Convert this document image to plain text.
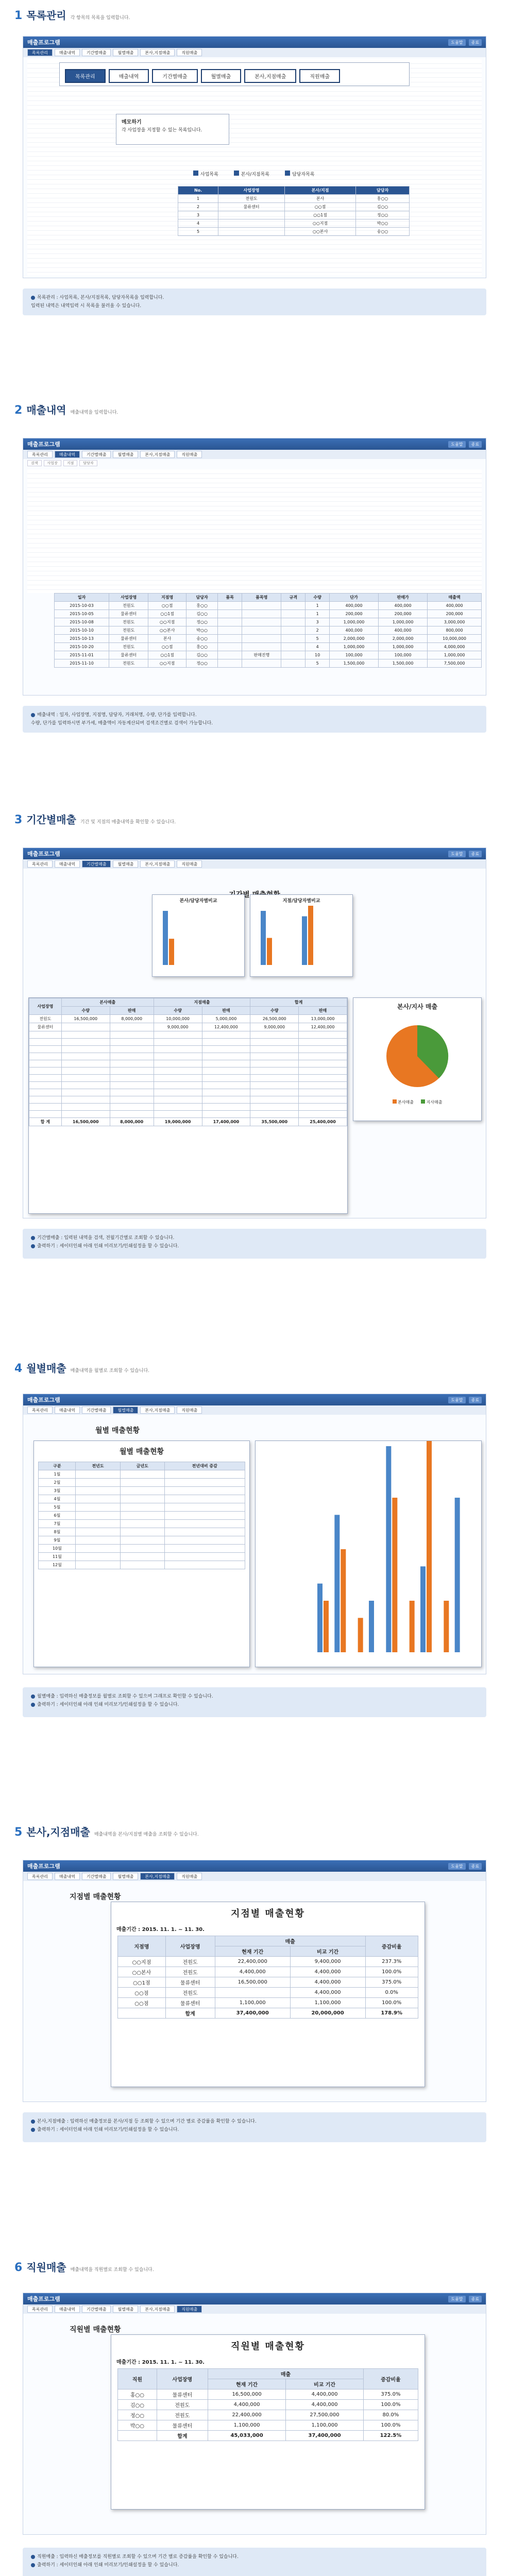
1 목록관리 각 항목의 목록을 입력합니다.
매출프로그램	도움말	종료
목록관리	매출내역	기간별매출	월별매출	본사,지점매출	직원매출
목록관리	매출내역	기간별매출	월별매출	본사,지점매출	직원매출
메모하기
각 사업장을 지정할 수 있는 목록입니다.
사업목록	본사/지점목록	담당자목록
No.	사업장명	본사/지점	담당자
1	전원도	본사	홍○○
2	물류센터	○○점	김○○
3		○○1점	정○○
4		○○지점	박○○
5		○○본사	송○○
목록관리 : 사업목록, 본사/지점목록, 담당자목록을 입력합니다.
입력된 내역은 내역입력 시 목록을 불러올 수 있습니다.
2 매출내역 매출내역을 입력합니다.
매출프로그램	도움말	종료
목록관리	매출내역	기간별매출	월별매출	본사,지점매출	직원매출
검색	사업장	지점	담당자
일자	사업장명	지점명	담당자	품목	품목명	규격	수량	단가	판매가	매출액
2015-10-03	전원도	○○점	홍○○				1	400,000	400,000	400,000
2015-10-05	물류센터	○○1점	김○○				1	200,000	200,000	200,000
2015-10-08	전원도	○○지점	정○○				3	1,000,000	1,000,000	3,000,000
2015-10-10	전원도	○○본사	박○○				2	400,000	400,000	800,000
2015-10-13	물류센터	본사	송○○				5	2,000,000	2,000,000	10,000,000
2015-10-20	전원도	○○점	홍○○				4	1,000,000	1,000,000	4,000,000
2015-11-01	물류센터	○○1점	김○○		판매진행		10	100,000	100,000	1,000,000
2015-11-10	전원도	○○지점	정○○				5	1,500,000	1,500,000	7,500,000
매출내역 : 일자, 사업장명, 지점명, 담당자, 거래처명, 수량, 단가를 입력합니다.
수량, 단가를 입력하시면 부가세, 매출액이 자동계산되며 검색조건별로 검색이 가능합니다.
3 기간별매출 기간 및 지점의 매출내역을 확인할 수 있습니다.
매출프로그램	도움말	종료
목록관리	매출내역	기간별매출	월별매출	본사,지점매출	직원매출
본사/담당자별비교	지점/담당자별비교
본사/지사 매출
본사매출	지사매출
사업장명	본사매출		지점매출		합계	
	수량	판매	수량	판매	수량	판매
전원도	16,500,000	8,000,000	10,000,000	5,000,000	26,500,000	13,000,000
물류센터			9,000,000	12,400,000	9,000,000	12,400,000

합 계	16,500,000	8,000,000	19,000,000	17,400,000	35,500,000	25,400,000
기간별매출 : 입력된 내역을 검색, 전월기간별로 조회할 수 있습니다.
출력하기 : 세이터인쇄 아래 인쇄 미리보기/인쇄설정을 할 수 있습니다.
4 월별매출 매출내역을 월별로 조회할 수 있습니다.
매출프로그램	도움말	종료
목록관리	매출내역	기간별매출	월별매출	본사,지점매출	직원매출
월별 매출현황
월별 매출현황
구분	전년도	금년도	전년대비 증감
1월			
2월			
3월			
4월			
5월			
6월			
7월			
8월			
9월			
10월			
11월			
12월			
월별매출 : 입력하신 매출정보를 월별로 조회할 수 있으며 그래프로 확인할 수 있습니다.
출력하기 : 세이터인쇄 아래 인쇄 미리보기/인쇄설정을 할 수 있습니다.
5 본사,지점매출 매출내역을 본사/지점별 매출을 조회할 수 있습니다.
매출프로그램	도움말	종료
목록관리	매출내역	기간별매출	월별매출	본사,지점매출	직원매출
지점별 매출현황
지점별 매출현황
매출기간 : 2015. 11. 1. ~ 11. 30.
지점명	사업장명	매출		증감비율
		현재 기간	비교 기간	
○○지점	전원도	22,400,000	9,400,000	237.3%
○○본사	전원도	4,400,000	4,400,000	100.0%
○○1점	물류센터	16,500,000	4,400,000	375.0%
○○점	전원도		4,400,000	0.0%
○○점	물류센터	1,100,000	1,100,000	100.0%
	합계	37,400,000	20,000,000	178.9%
본사,지점매출 : 입력하신 매출정보를 본사/지점 등 조회할 수 있으며 기간 별로 증감률을 확인할 수 있습니다.
출력하기 : 세이터인쇄 아래 인쇄 미리보기/인쇄설정을 할 수 있습니다.
6 직원매출 매출내역을 직원별로 조회할 수 있습니다.
매출프로그램	도움말	종료
목록관리	매출내역	기간별매출	월별매출	본사,지점매출	직원매출
직원별 매출현황
직원별 매출현황
매출기간 : 2015. 11. 1. ~ 11. 30.
직원	사업장명	매출		증감비율
		현재 기간	비교 기간	
홍○○	물류센터	16,500,000	4,400,000	375.0%
김○○	전원도	4,400,000	4,400,000	100.0%
정○○	전원도	22,400,000	27,500,000	80.0%
박○○	물류센터	1,100,000	1,100,000	100.0%
	합계	45,033,000	37,400,000	122.5%
직원매출 : 입력하신 매출정보를 직원별로 조회할 수 있으며 기간 별로 증감률을 확인할 수 있습니다.
출력하기 : 세이터인쇄 아래 인쇄 미리보기/인쇄설정을 할 수 있습니다.
